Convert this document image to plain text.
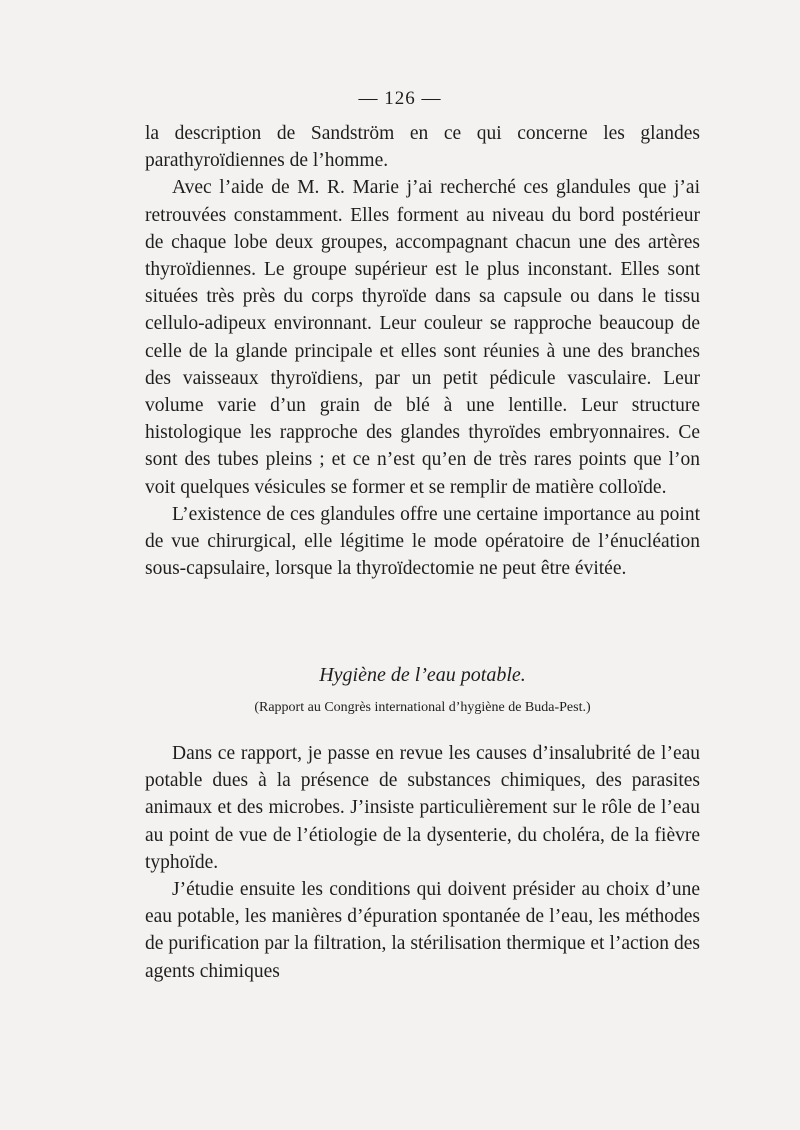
— 126 —

la description de Sandström en ce qui concerne les glandes parathyroïdiennes de l’homme.

Avec l’aide de M. R. Marie j’ai recherché ces glandules que j’ai retrouvées constamment. Elles forment au niveau du bord postérieur de chaque lobe deux groupes, accompagnant chacun une des artères thyroïdiennes. Le groupe supérieur est le plus inconstant. Elles sont situées très près du corps thyroïde dans sa capsule ou dans le tissu cellulo-adipeux environnant. Leur couleur se rapproche beaucoup de celle de la glande principale et elles sont réunies à une des branches des vaisseaux thyroïdiens, par un petit pédicule vasculaire. Leur volume varie d’un grain de blé à une lentille. Leur structure histologique les rapproche des glandes thyroïdes embryonnaires. Ce sont des tubes pleins ; et ce n’est qu’en de très rares points que l’on voit quelques vésicules se former et se remplir de matière colloïde.

L’existence de ces glandules offre une certaine importance au point de vue chirurgical, elle légitime le mode opératoire de l’énucléation sous-capsulaire, lorsque la thyroïdectomie ne peut être évitée.

Hygiène de l’eau potable.
(Rapport au Congrès international d’hygiène de Buda-Pest.)

Dans ce rapport, je passe en revue les causes d’insalubrité de l’eau potable dues à la présence de substances chimiques, des parasites animaux et des microbes. J’insiste particulièrement sur le rôle de l’eau au point de vue de l’étiologie de la dysenterie, du choléra, de la fièvre typhoïde.

J’étudie ensuite les conditions qui doivent présider au choix d’une eau potable, les manières d’épuration spontanée de l’eau, les méthodes de purification par la filtration, la stérilisation thermique et l’action des agents chimiques
